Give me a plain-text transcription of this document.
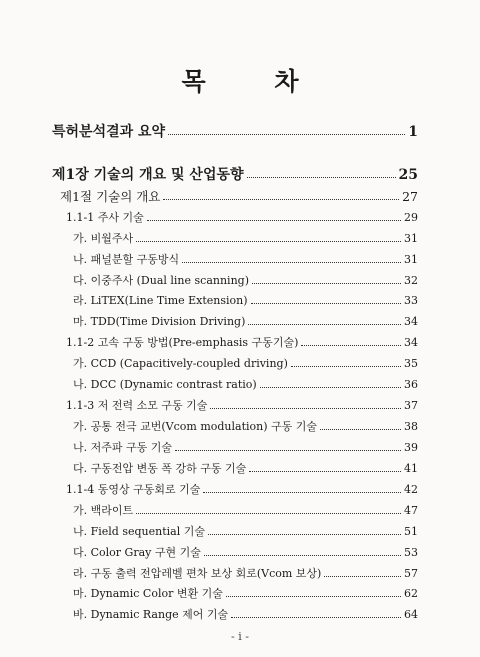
목 차
특허분석결과 요약	1
제1장 기술의 개요 및 산업동향	25
제1절 기술의 개요	27
1.1-1 주사 기술	29
가. 비월주사	31
나. 패널분할 구동방식	31
다. 이중주사 (Dual line scanning)	32
라. LiTEX(Line Time Extension)	33
마. TDD(Time Division Driving)	34
1.1-2 고속 구동 방법(Pre-emphasis 구동기술)	34
가. CCD (Capacitively-coupled driving)	35
나. DCC (Dynamic contrast ratio)	36
1.1-3 저 전력 소모 구동 기술	37
가. 공통 전극 교번(Vcom modulation) 구동 기술	38
나. 저주파 구동 기술	39
다. 구동전압 변동 폭 강하 구동 기술	41
1.1-4 동영상 구동회로 기술	42
가. 백라이트	47
나. Field sequential 기술	51
다. Color Gray 구현 기술	53
라. 구동 출력 전압레벨 편차 보상 회로(Vcom 보상)	57
마. Dynamic Color 변환 기술	62
바. Dynamic Range 제어 기술	64
- i -
